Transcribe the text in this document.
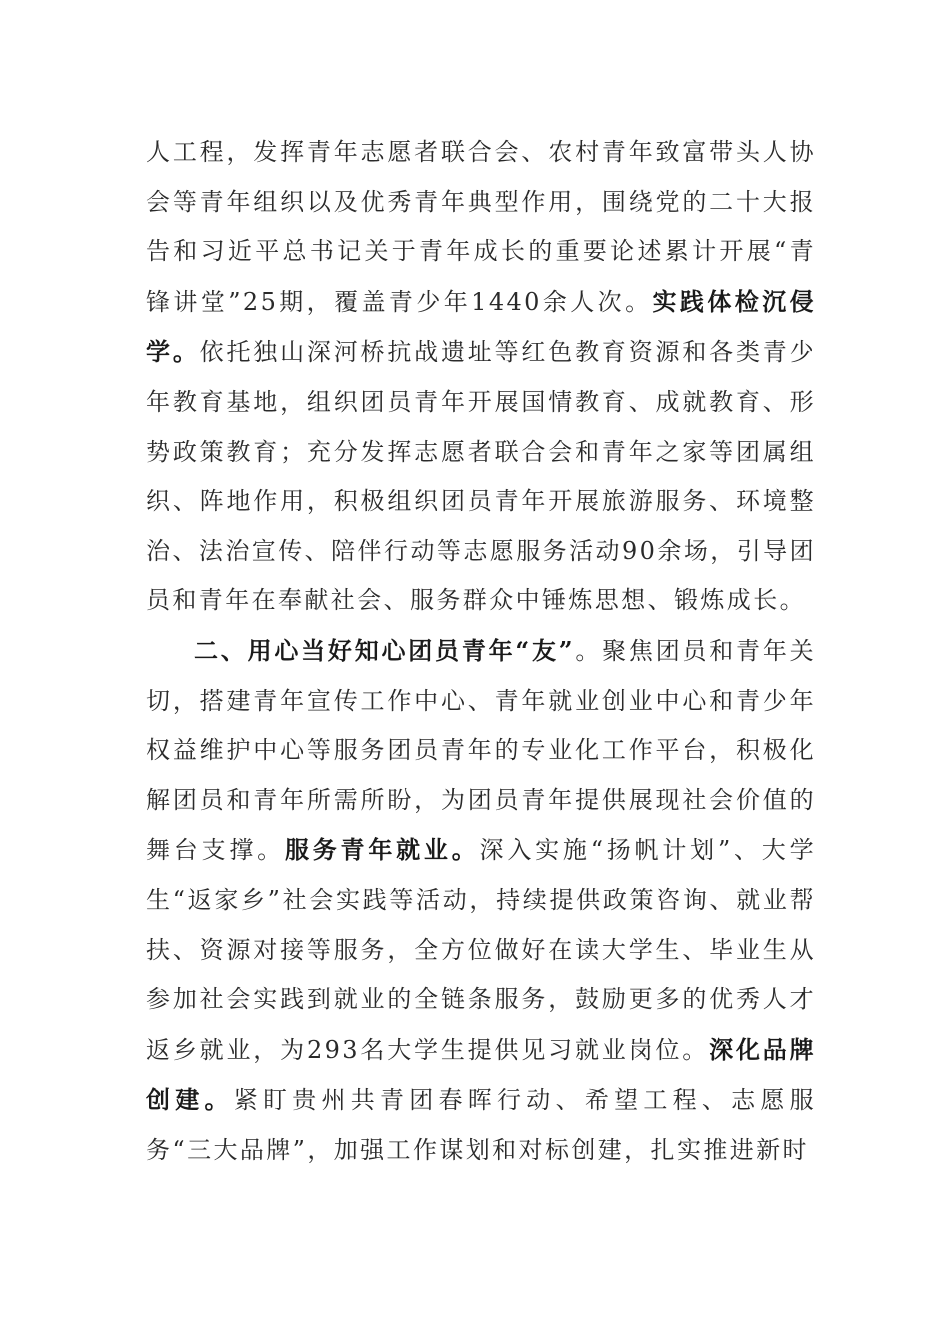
人工程，发挥青年志愿者联合会、农村青年致富带头人协会等青年组织以及优秀青年典型作用，围绕党的二十大报告和习近平总书记关于青年成长的重要论述累计开展“青锋讲堂”25期，覆盖青少年1440余人次。实践体检沉侵学。依托独山深河桥抗战遗址等红色教育资源和各类青少年教育基地，组织团员青年开展国情教育、成就教育、形势政策教育；充分发挥志愿者联合会和青年之家等团属组织、阵地作用，积极组织团员青年开展旅游服务、环境整治、法治宣传、陪伴行动等志愿服务活动90余场，引导团员和青年在奉献社会、服务群众中锤炼思想、锻炼成长。

二、用心当好知心团员青年“友”。聚焦团员和青年关切，搭建青年宣传工作中心、青年就业创业中心和青少年权益维护中心等服务团员青年的专业化工作平台，积极化解团员和青年所需所盼，为团员青年提供展现社会价值的舞台支撑。服务青年就业。深入实施“扬帆计划”、大学生“返家乡”社会实践等活动，持续提供政策咨询、就业帮扶、资源对接等服务，全方位做好在读大学生、毕业生从参加社会实践到就业的全链条服务，鼓励更多的优秀人才返乡就业，为293名大学生提供见习就业岗位。深化品牌创建。紧盯贵州共青团春晖行动、希望工程、志愿服务“三大品牌”，加强工作谋划和对标创建，扎实推进新时
